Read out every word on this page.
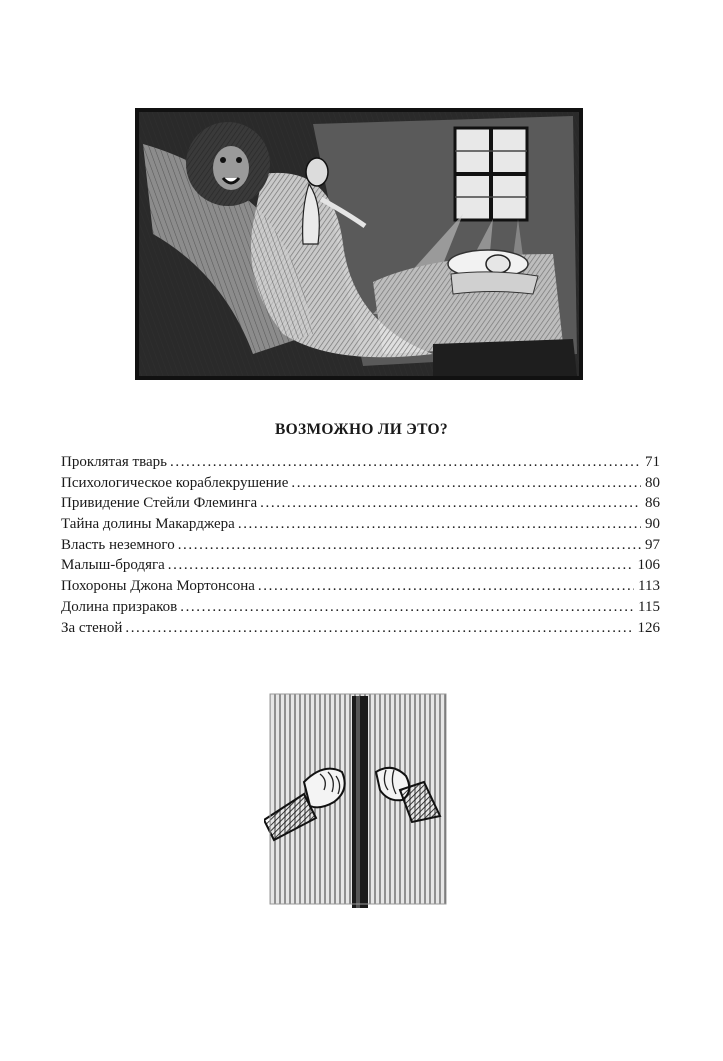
ВОЗМОЖНО ЛИ ЭТО?
Проклятая тварь .....	71
Психологическое кораблекрушение .....	80
Привидение Стейли Флеминга .....	86
Тайна долины Макарджера .....	90
Власть неземного .....	97
Малыш-бродяга .....	106
Похороны Джона Мортонсона .....	113
Долина призраков .....	115
За стеной .....	126
